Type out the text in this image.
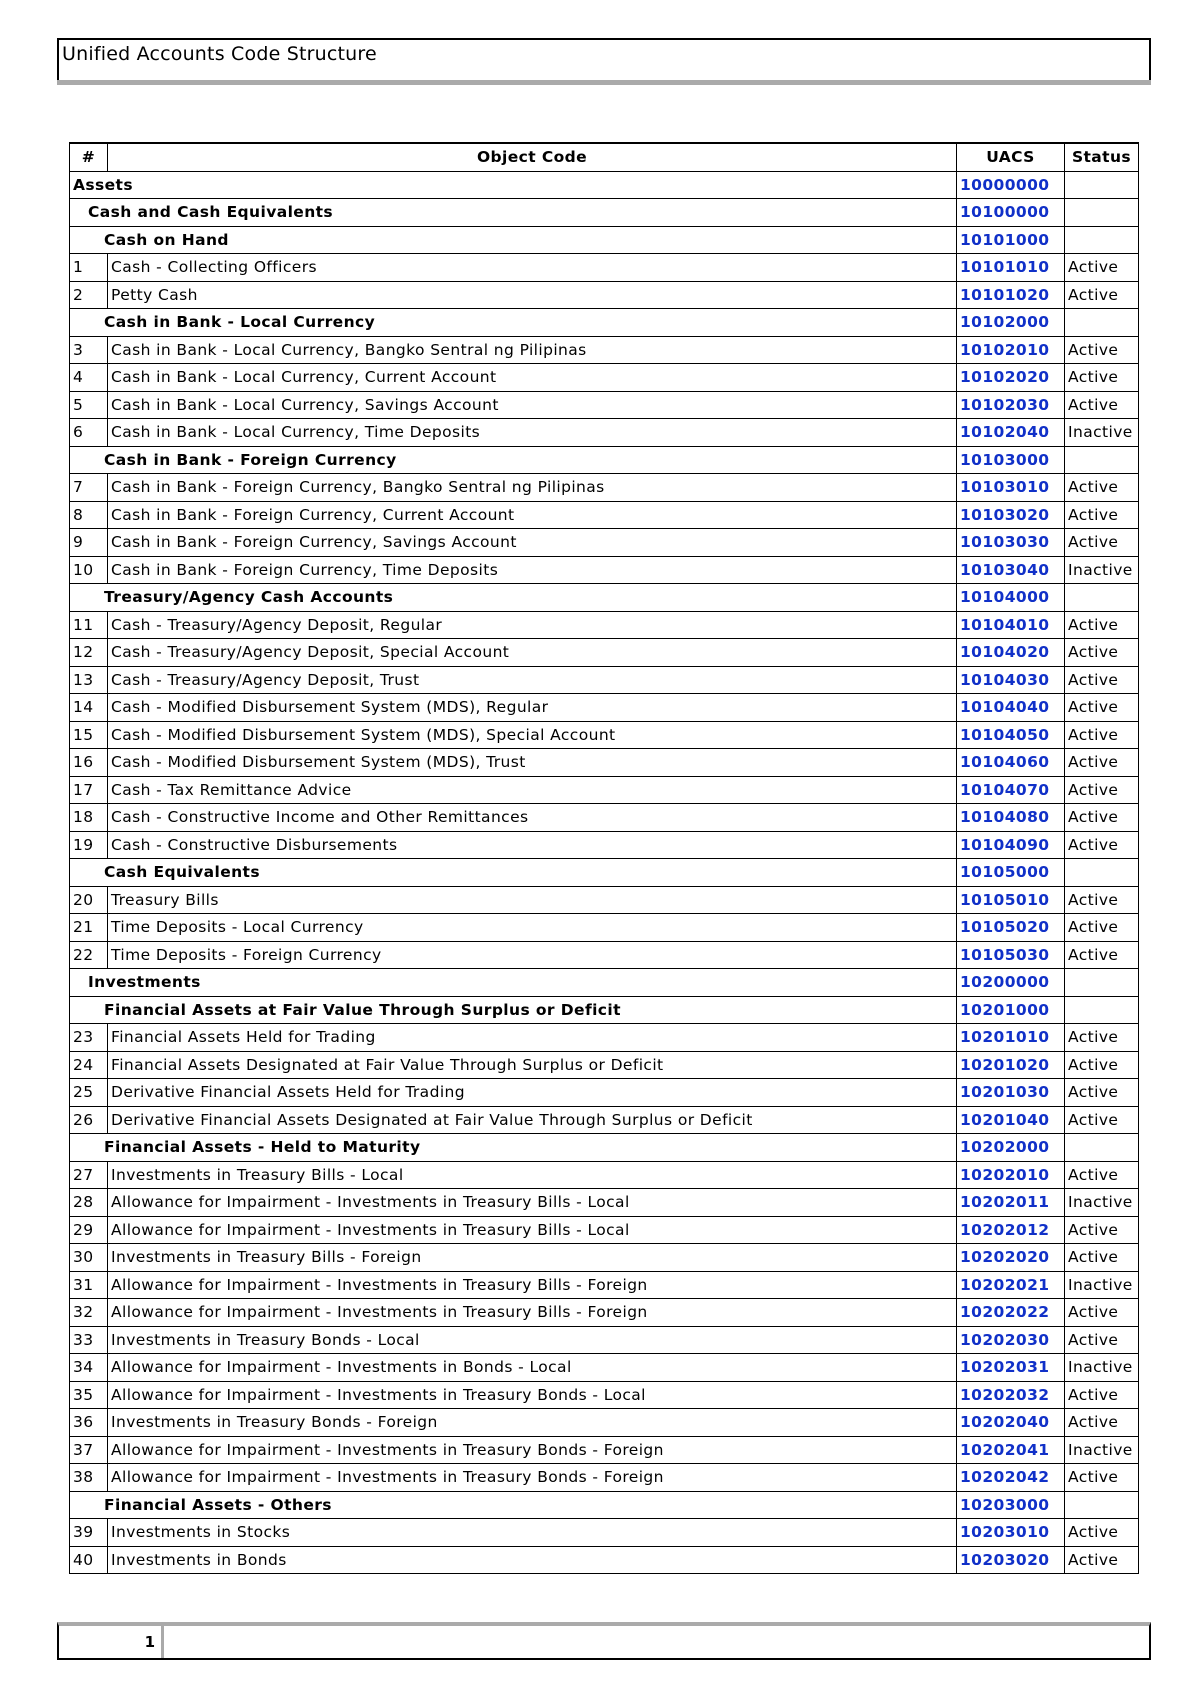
Unified Accounts Code Structure
#	Object Code	UACS	Status
Assets		10000000	
Cash and Cash Equivalents		10100000	
Cash on Hand		10101000	
1	Cash - Collecting Officers	10101010	Active
2	Petty Cash	10101020	Active
Cash in Bank - Local Currency		10102000	
3	Cash in Bank - Local Currency, Bangko Sentral ng Pilipinas	10102010	Active
4	Cash in Bank - Local Currency, Current Account	10102020	Active
5	Cash in Bank - Local Currency, Savings Account	10102030	Active
6	Cash in Bank - Local Currency, Time Deposits	10102040	Inactive
Cash in Bank - Foreign Currency		10103000	
7	Cash in Bank - Foreign Currency, Bangko Sentral ng Pilipinas	10103010	Active
8	Cash in Bank - Foreign Currency, Current Account	10103020	Active
9	Cash in Bank - Foreign Currency, Savings Account	10103030	Active
10	Cash in Bank - Foreign Currency, Time Deposits	10103040	Inactive
Treasury/Agency Cash Accounts		10104000	
11	Cash - Treasury/Agency Deposit, Regular	10104010	Active
12	Cash - Treasury/Agency Deposit, Special Account	10104020	Active
13	Cash - Treasury/Agency Deposit, Trust	10104030	Active
14	Cash - Modified Disbursement System (MDS), Regular	10104040	Active
15	Cash - Modified Disbursement System (MDS), Special Account	10104050	Active
16	Cash - Modified Disbursement System (MDS), Trust	10104060	Active
17	Cash - Tax Remittance Advice	10104070	Active
18	Cash - Constructive Income and Other Remittances	10104080	Active
19	Cash - Constructive Disbursements	10104090	Active
Cash Equivalents		10105000	
20	Treasury Bills	10105010	Active
21	Time Deposits - Local Currency	10105020	Active
22	Time Deposits - Foreign Currency	10105030	Active
Investments		10200000	
Financial Assets at Fair Value Through Surplus or Deficit		10201000	
23	Financial Assets Held for Trading	10201010	Active
24	Financial Assets Designated at Fair Value Through Surplus or Deficit	10201020	Active
25	Derivative Financial Assets Held for Trading	10201030	Active
26	Derivative Financial Assets Designated at Fair Value Through Surplus or Deficit	10201040	Active
Financial Assets - Held to Maturity		10202000	
27	Investments in Treasury Bills - Local	10202010	Active
28	Allowance for Impairment - Investments in Treasury Bills - Local	10202011	Inactive
29	Allowance for Impairment - Investments in Treasury Bills - Local	10202012	Active
30	Investments in Treasury Bills - Foreign	10202020	Active
31	Allowance for Impairment - Investments in Treasury Bills - Foreign	10202021	Inactive
32	Allowance for Impairment - Investments in Treasury Bills - Foreign	10202022	Active
33	Investments in Treasury Bonds - Local	10202030	Active
34	Allowance for Impairment - Investments in Bonds - Local	10202031	Inactive
35	Allowance for Impairment - Investments in Treasury Bonds - Local	10202032	Active
36	Investments in Treasury Bonds - Foreign	10202040	Active
37	Allowance for Impairment - Investments in Treasury Bonds - Foreign	10202041	Inactive
38	Allowance for Impairment - Investments in Treasury Bonds - Foreign	10202042	Active
Financial Assets - Others		10203000	
39	Investments in Stocks	10203010	Active
40	Investments in Bonds	10203020	Active
1
